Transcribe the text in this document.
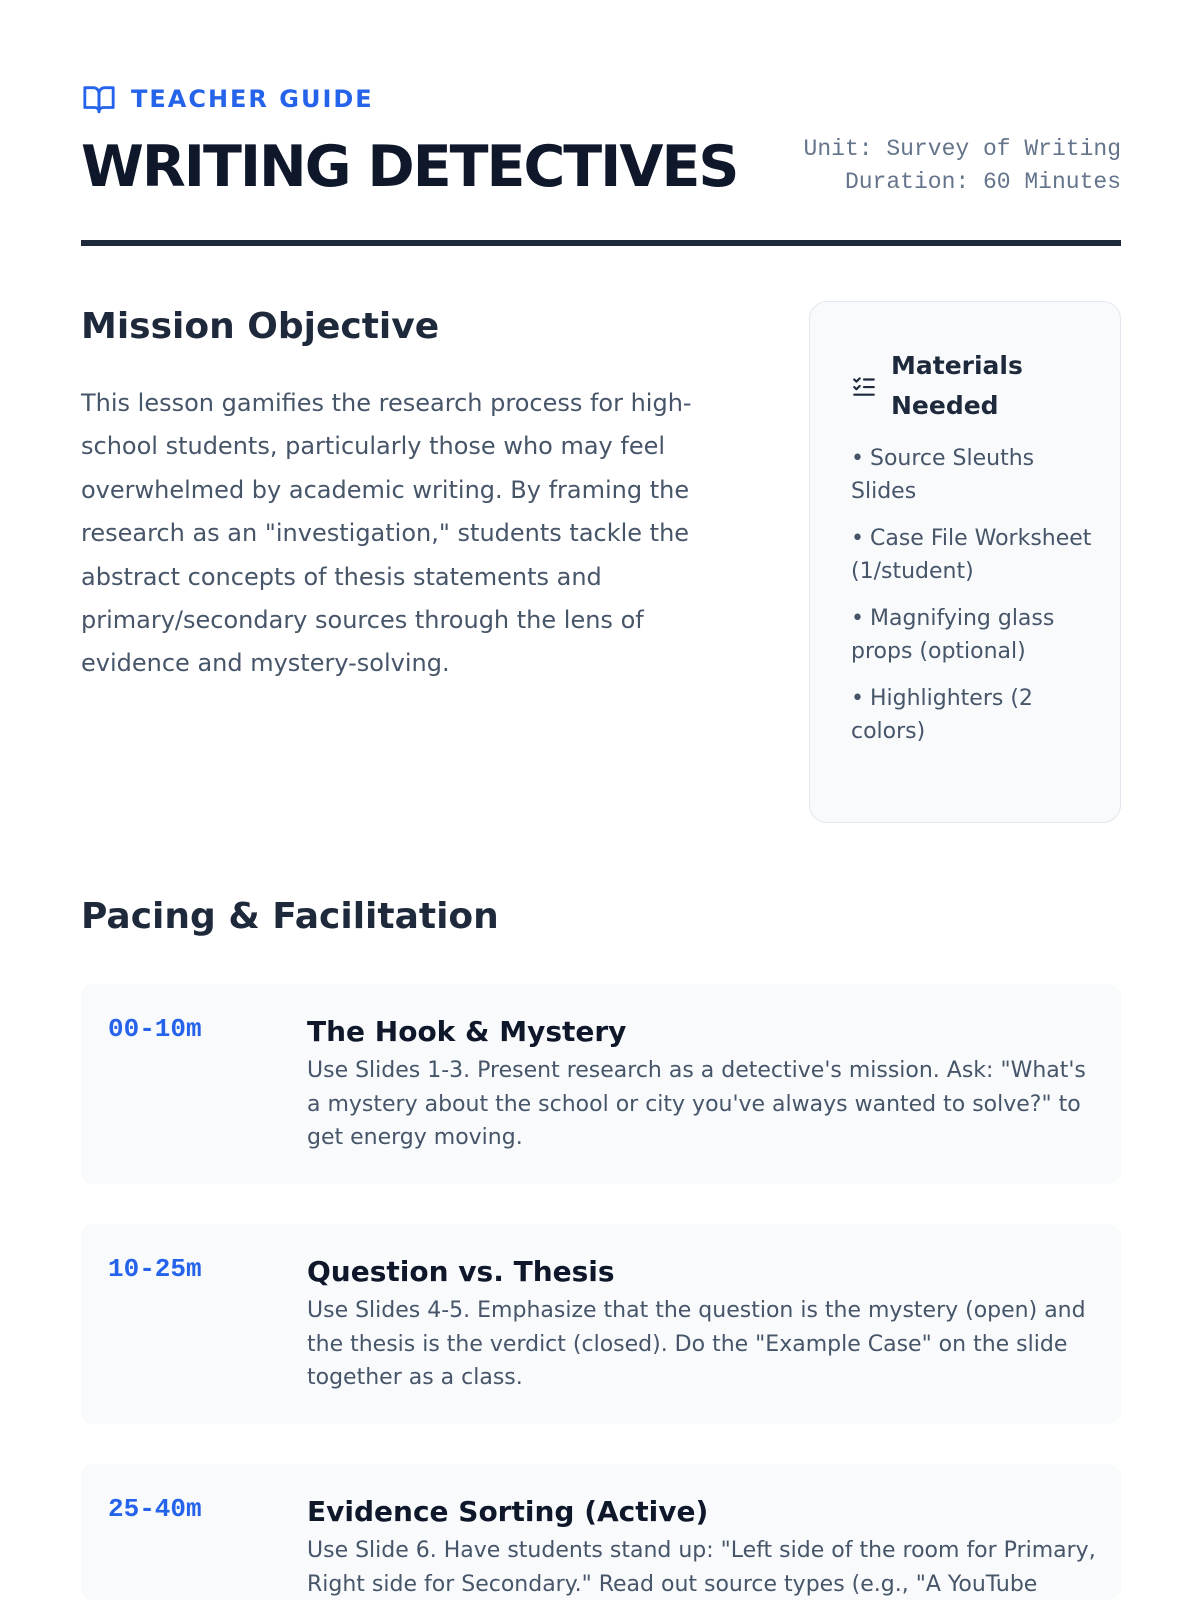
TEACHER GUIDE
WRITING DETECTIVES	Unit: Survey of Writing
Duration: 60 Minutes
Mission Objective

This lesson gamifies the research process for high-school students, particularly those who may feel overwhelmed by academic writing. By framing the research as an "investigation," students tackle the abstract concepts of thesis statements and primary/secondary sources through the lens of evidence and mystery-solving.

Materials Needed
• Source Sleuths Slides
• Case File Worksheet (1/student)
• Magnifying glass props (optional)
• Highlighters (2 colors)
Pacing & Facilitation
00-10m	The Hook & Mystery

Use Slides 1-3. Present research as a detective's mission. Ask: "What's a mystery about the school or city you've always wanted to solve?" to get energy moving.

10-25m	Question vs. Thesis

Use Slides 4-5. Emphasize that the question is the mystery (open) and the thesis is the verdict (closed). Do the "Example Case" on the slide together as a class.

25-40m	Evidence Sorting (Active)

Use Slide 6. Have students stand up: "Left side of the room for Primary, Right side for Secondary." Read out source types (e.g., "A YouTube
